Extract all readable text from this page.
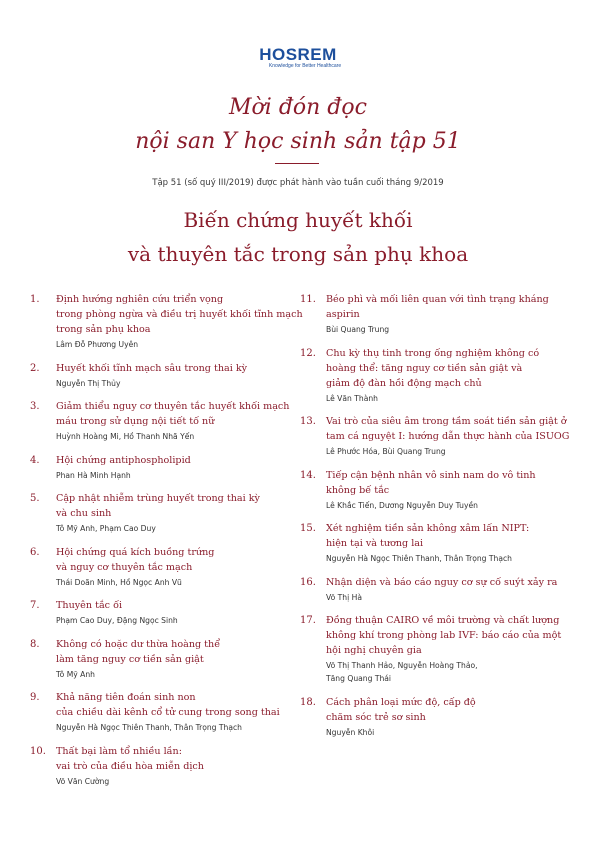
HOSREM
Knowledge for Better Healthcare
Mời đón đọc
nội san Y học sinh sản tập 51
Tập 51 (số quý III/2019) được phát hành vào tuần cuối tháng 9/2019
Biến chứng huyết khối
và thuyên tắc trong sản phụ khoa
1. Định hướng nghiên cứu triển vọng
trong phòng ngừa và điều trị huyết khối tĩnh mạch
trong sản phụ khoa
Lâm Đỗ Phương Uyên
2. Huyết khối tĩnh mạch sâu trong thai kỳ
Nguyễn Thị Thủy
3. Giảm thiểu nguy cơ thuyên tắc huyết khối mạch
máu trong sử dụng nội tiết tố nữ
Huỳnh Hoàng Mi, Hồ Thanh Nhã Yến
4. Hội chứng antiphospholipid
Phan Hà Minh Hạnh
5. Cập nhật nhiễm trùng huyết trong thai kỳ
và chu sinh
Tô Mỹ Anh, Phạm Cao Duy
6. Hội chứng quá kích buồng trứng
và nguy cơ thuyên tắc mạch
Thái Doãn Minh, Hồ Ngọc Anh Vũ
7. Thuyên tắc ối
Phạm Cao Duy, Đặng Ngọc Sinh
8. Không có hoặc dư thừa hoàng thể
làm tăng nguy cơ tiền sản giật
Tô Mỹ Anh
9. Khả năng tiên đoán sinh non
của chiều dài kênh cổ tử cung trong song thai
Nguyễn Hà Ngọc Thiên Thanh, Thân Trọng Thạch
10. Thất bại làm tổ nhiều lần:
vai trò của điều hòa miễn dịch
Võ Văn Cường
11. Béo phì và mối liên quan với tình trạng kháng
aspirin
Bùi Quang Trung
12. Chu kỳ thụ tinh trong ống nghiệm không có
hoàng thể: tăng nguy cơ tiền sản giật và
giảm độ đàn hồi động mạch chủ
Lê Văn Thành
13. Vai trò của siêu âm trong tầm soát tiền sản giật ở
tam cá nguyệt I: hướng dẫn thực hành của ISUOG
Lê Phước Hóa, Bùi Quang Trung
14. Tiếp cận bệnh nhân vô sinh nam do vô tinh
không bế tắc
Lê Khắc Tiến, Dương Nguyễn Duy Tuyền
15. Xét nghiệm tiền sản không xâm lấn NIPT:
hiện tại và tương lai
Nguyễn Hà Ngọc Thiên Thanh, Thân Trọng Thạch
16. Nhận diện và báo cáo nguy cơ sự cố suýt xảy ra
Võ Thị Hà
17. Đồng thuận CAIRO về môi trường và chất lượng
không khí trong phòng lab IVF: báo cáo của một
hội nghị chuyên gia
Võ Thị Thanh Hảo, Nguyễn Hoàng Thảo,
Tăng Quang Thái
18. Cách phân loại mức độ, cấp độ
chăm sóc trẻ sơ sinh
Nguyễn Khôi
